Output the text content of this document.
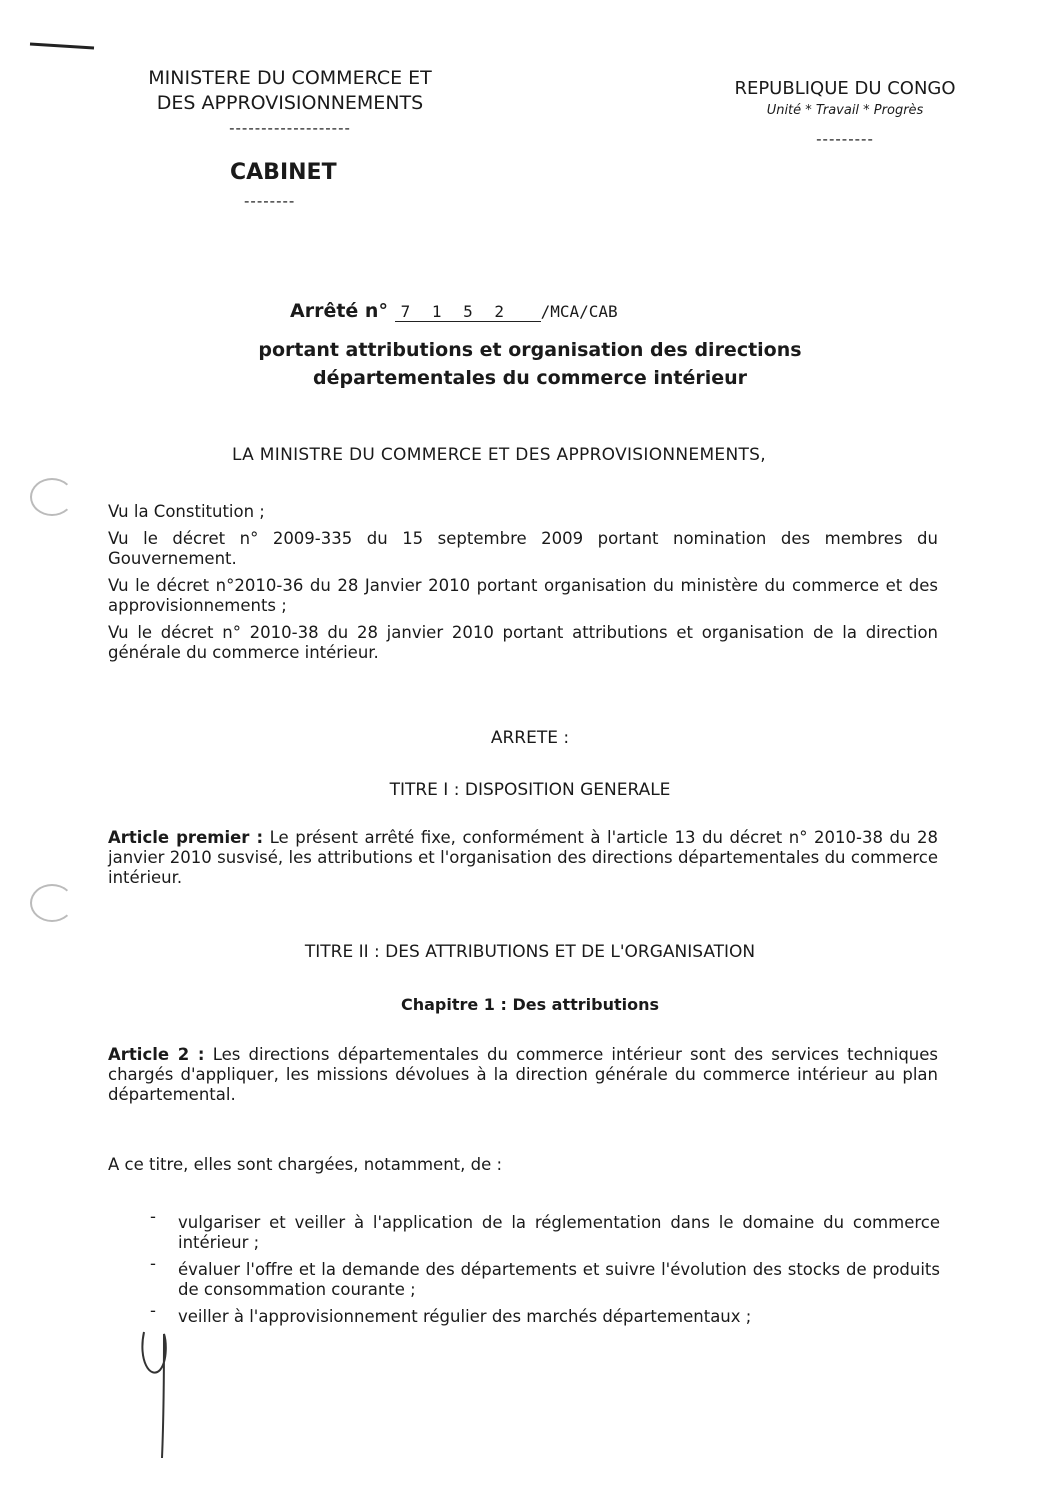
MINISTERE DU COMMERCE ET
DES APPROVISIONNEMENTS
-------------------
REPUBLIQUE DU CONGO
Unité * Travail * Progrès
---------
CABINET
--------
Arrêté n° 7 1 5 2 /MCA/CAB
portant attributions et organisation des directions
départementales du commerce intérieur
LA MINISTRE DU COMMERCE ET DES APPROVISIONNEMENTS,

Vu la Constitution ;

Vu le décret n° 2009-335 du 15 septembre 2009 portant nomination des membres du Gouvernement.

Vu le décret n°2010-36 du 28 Janvier 2010 portant organisation du ministère du commerce et des approvisionnements ;

Vu le décret n° 2010-38 du 28 janvier 2010 portant attributions et organisation de la direction générale du commerce intérieur.

ARRETE :
TITRE I : DISPOSITION GENERALE
Article premier : Le présent arrêté fixe, conformément à l'article 13 du décret n° 2010-38 du 28 janvier 2010 susvisé, les attributions et l'organisation des directions départementales du commerce intérieur.
TITRE II : DES ATTRIBUTIONS ET DE L'ORGANISATION
Chapitre 1 : Des attributions
Article 2 : Les directions départementales du commerce intérieur sont des services techniques chargés d'appliquer, les missions dévolues à la direction générale du commerce intérieur au plan départemental.
A ce titre, elles sont chargées, notamment, de :
- vulgariser et veiller à l'application de la réglementation dans le domaine du commerce intérieur ;
- évaluer l'offre et la demande des départements et suivre l'évolution des stocks de produits de consommation courante ;
- veiller à l'approvisionnement régulier des marchés départementaux ;
